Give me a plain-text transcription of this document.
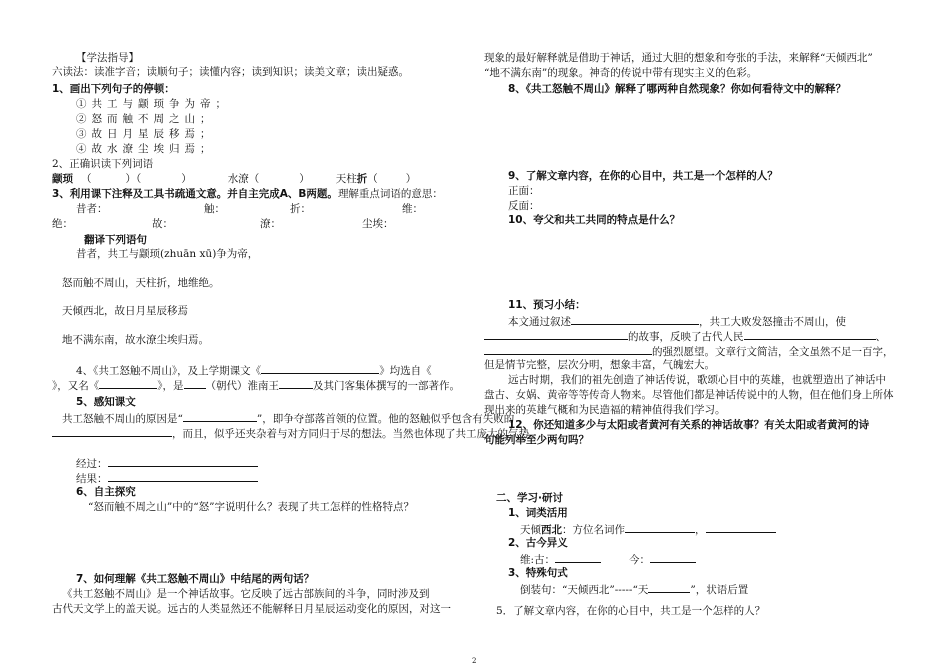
【学法指导】
六读法：读准字音；读顺句子；读懂内容；读到知识；读美文章；读出疑惑。
1、画出下列句子的停顿：
①共工与颛顼争为帝；
②怒而触不周之山；
③故日月星辰移焉；
④故水潦尘埃归焉；
2、正确识读下列词语
颛顼 （	）（	）	水潦（	） 天柱折（	）
3、利用课下注释及工具书疏通文意。并自主完成A、B两题。理解重点词语的意思：
昔者：	触：	折：	维：
绝：	故：	潦：	尘埃：
翻译下列语句
昔者，共工与颛顼(zhuān xū)争为帝，
怒而触不周山，天柱折，地维绝。
天倾西北，故日月星辰移焉
地不满东南，故水潦尘埃归焉。
4、《共工怒触不周山》，及上学期课文《	》均选自《
》，又名《	》，是 （朝代）淮南王	及其门客集体撰写的一部著作。
5、感知课文
共工怒触不周山的原因是“	”，即争夺部落首领的位置。他的怒触似乎包含有失败的
，而且，似乎还夹杂着与对方同归于尽的想法。当然也体现了共工庞大的气势。
经过：
结果：
6、自主探究
“怒而触不周之山”中的“怒”字说明什么？表现了共工怎样的性格特点？
7、如何理解《共工怒触不周山》中结尾的两句话？
《共工怒触不周山》是一个神话故事。它反映了远古部族间的斗争，同时涉及到
古代天文学上的盖天说。远古的人类显然还不能解释日月星辰运动变化的原因，对这一
现象的最好解释就是借助于神话，通过大胆的想象和夸张的手法，来解释“天倾西北”
“地不满东南”的现象。神奇的传说中带有现实主义的色彩。
8、《共工怒触不周山》解释了哪两种自然现象？你如何看待文中的解释？
9、了解文章内容，在你的心目中，共工是一个怎样的人？
正面：
反面：
10、夸父和共工共同的特点是什么？
11、预习小结：
本文通过叙述	，共工大败发怒撞击不周山，使
的故事，反映了古代人民	、
的强烈愿望。文章行文简洁，全文虽然不足一百字，
但是情节完整，层次分明，想象丰富，气魄宏大。
远古时期，我们的祖先创造了神话传说，歌颂心目中的英雄，也就塑造出了神话中
盘古、女娲、黄帝等等传奇人物来。尽管他们都是神话传说中的人物，但在他们身上所体
现出来的英雄气概和为民造福的精神值得我们学习。
12、你还知道多少与太阳或者黄河有关系的神话故事？有关太阳或者黄河的诗
句能列举至少两句吗？
二、学习·研讨
1、词类活用
天倾西北：方位名词作	，
2、古今异义
维:古：	今：
3、特殊句式
倒装句：“天倾西北”-----“天	”，状语后置
5．了解文章内容，在你的心目中，共工是一个怎样的人？
2
